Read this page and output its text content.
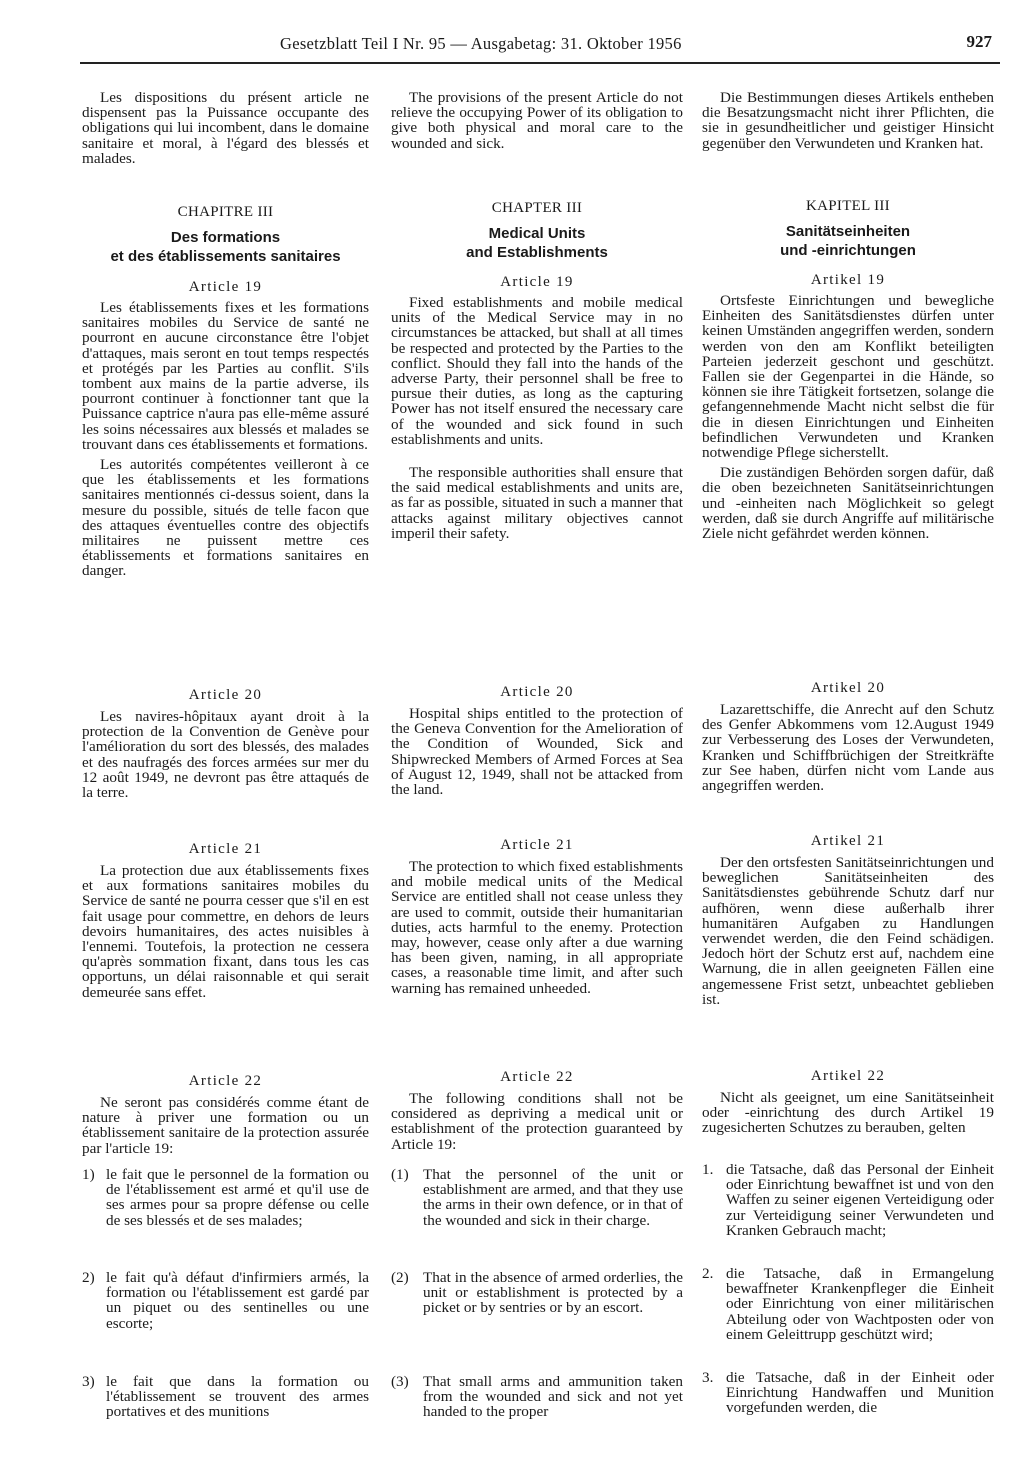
Gesetzblatt Teil I Nr. 95 — Ausgabetag: 31. Oktober 1956	927

Les dispositions du présent article ne dispensent pas la Puissance occupante des obligations qui lui incombent, dans le domaine sanitaire et moral, à l'égard des blessés et malades.

CHAPITRE III
Des formations
et des établissements sanitaires
Article 19

Les établissements fixes et les formations sanitaires mobiles du Service de santé ne pourront en aucune circonstance être l'objet d'attaques, mais seront en tout temps respectés et protégés par les Parties au conflit. S'ils tombent aux mains de la partie adverse, ils pourront continuer à fonctionner tant que la Puissance captrice n'aura pas elle-même assuré les soins nécessaires aux blessés et malades se trouvant dans ces établissements et formations.

Les autorités compétentes veilleront à ce que les établissements et les formations sanitaires mentionnés ci-dessus soient, dans la mesure du possible, situés de telle facon que des attaques éventuelles contre des objectifs militaires ne puissent mettre ces établissements et formations sanitaires en danger.

Article 20

Les navires-hôpitaux ayant droit à la protection de la Convention de Genève pour l'amélioration du sort des blessés, des malades et des naufragés des forces armées sur mer du 12 août 1949, ne devront pas être attaqués de la terre.

Article 21

La protection due aux établissements fixes et aux formations sanitaires mobiles du Service de santé ne pourra cesser que s'il en est fait usage pour commettre, en dehors de leurs devoirs humanitaires, des actes nuisibles à l'ennemi. Toutefois, la protection ne cessera qu'après sommation fixant, dans tous les cas opportuns, un délai raisonnable et qui serait demeurée sans effet.

Article 22

Ne seront pas considérés comme étant de nature à priver une formation ou un établissement sanitaire de la protection assurée par l'article 19:

1) le fait que le personnel de la formation ou de l'établissement est armé et qu'il use de ses armes pour sa propre défense ou celle de ses blessés et de ses malades;
2) le fait qu'à défaut d'infirmiers armés, la formation ou l'établissement est gardé par un piquet ou des sentinelles ou une escorte;
3) le fait que dans la formation ou l'établissement se trouvent des armes portatives et des munitions

The provisions of the present Article do not relieve the occupying Power of its obligation to give both physical and moral care to the wounded and sick.

CHAPTER III
Medical Units
and Establishments
Article 19

Fixed establishments and mobile medical units of the Medical Service may in no circumstances be attacked, but shall at all times be respected and protected by the Parties to the conflict. Should they fall into the hands of the adverse Party, their personnel shall be free to pursue their duties, as long as the capturing Power has not itself ensured the necessary care of the wounded and sick found in such establishments and units.

The responsible authorities shall ensure that the said medical establishments and units are, as far as possible, situated in such a manner that attacks against military objectives cannot imperil their safety.

Article 20

Hospital ships entitled to the protection of the Geneva Convention for the Amelioration of the Condition of Wounded, Sick and Shipwrecked Members of Armed Forces at Sea of August 12, 1949, shall not be attacked from the land.

Article 21

The protection to which fixed establishments and mobile medical units of the Medical Service are entitled shall not cease unless they are used to commit, outside their humanitarian duties, acts harmful to the enemy. Protection may, however, cease only after a due warning has been given, naming, in all appropriate cases, a reasonable time limit, and after such warning has remained unheeded.

Article 22

The following conditions shall not be considered as depriving a medical unit or establishment of the protection guaranteed by Article 19:

(1) That the personnel of the unit or establishment are armed, and that they use the arms in their own defence, or in that of the wounded and sick in their charge.
(2) That in the absence of armed orderlies, the unit or establishment is protected by a picket or by sentries or by an escort.
(3) That small arms and ammunition taken from the wounded and sick and not yet handed to the proper

Die Bestimmungen dieses Artikels entheben die Besatzungsmacht nicht ihrer Pflichten, die sie in gesundheitlicher und geistiger Hinsicht gegenüber den Verwundeten und Kranken hat.

KAPITEL III
Sanitätseinheiten
und -einrichtungen
Artikel 19

Ortsfeste Einrichtungen und bewegliche Einheiten des Sanitätsdienstes dürfen unter keinen Umständen angegriffen werden, sondern werden von den am Konflikt beteiligten Parteien jederzeit geschont und geschützt. Fallen sie der Gegenpartei in die Hände, so können sie ihre Tätigkeit fortsetzen, solange die gefangennehmende Macht nicht selbst die für die in diesen Einrichtungen und Einheiten befindlichen Verwundeten und Kranken notwendige Pflege sicherstellt.

Die zuständigen Behörden sorgen dafür, daß die oben bezeichneten Sanitätseinrichtungen und -einheiten nach Möglichkeit so gelegt werden, daß sie durch Angriffe auf militärische Ziele nicht gefährdet werden können.

Artikel 20

Lazarettschiffe, die Anrecht auf den Schutz des Genfer Abkommens vom 12.August 1949 zur Verbesserung des Loses der Verwundeten, Kranken und Schiffbrüchigen der Streitkräfte zur See haben, dürfen nicht vom Lande aus angegriffen werden.

Artikel 21

Der den ortsfesten Sanitätseinrichtungen und beweglichen Sanitätseinheiten des Sanitätsdienstes gebührende Schutz darf nur aufhören, wenn diese außerhalb ihrer humanitären Aufgaben zu Handlungen verwendet werden, die den Feind schädigen. Jedoch hört der Schutz erst auf, nachdem eine Warnung, die in allen geeigneten Fällen eine angemessene Frist setzt, unbeachtet geblieben ist.

Artikel 22

Nicht als geeignet, um eine Sanitätseinheit oder -einrichtung des durch Artikel 19 zugesicherten Schutzes zu berauben, gelten

1. die Tatsache, daß das Personal der Einheit oder Einrichtung bewaffnet ist und von den Waffen zu seiner eigenen Verteidigung oder zur Verteidigung seiner Verwundeten und Kranken Gebrauch macht;
2. die Tatsache, daß in Ermangelung bewaffneter Krankenpfleger die Einheit oder Einrichtung von einer militärischen Abteilung oder von Wachtposten oder von einem Geleittrupp geschützt wird;
3. die Tatsache, daß in der Einheit oder Einrichtung Handwaffen und Munition vorgefunden werden, die
